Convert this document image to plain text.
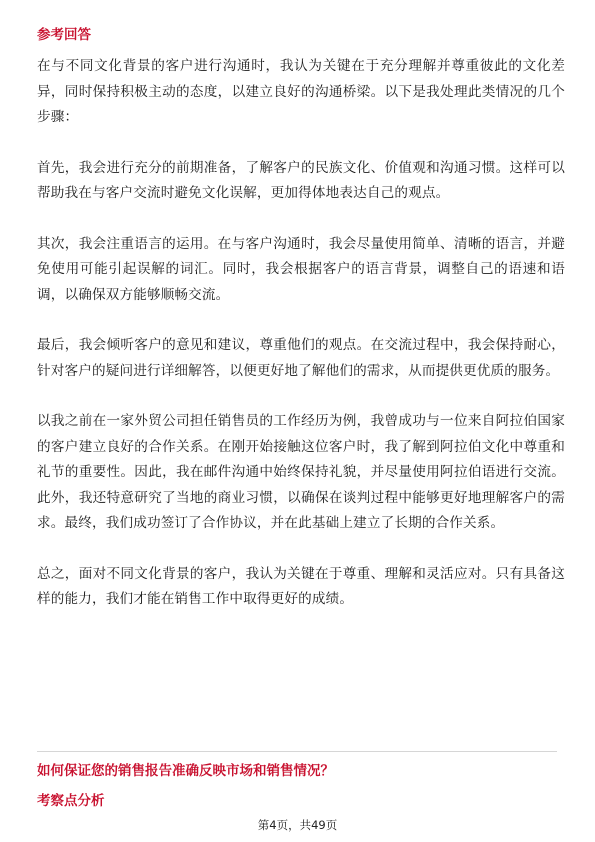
参考回答

在与不同文化背景的客户进行沟通时，我认为关键在于充分理解并尊重彼此的文化差异，同时保持积极主动的态度，以建立良好的沟通桥梁。以下是我处理此类情况的几个步骤：

首先，我会进行充分的前期准备，了解客户的民族文化、价值观和沟通习惯。这样可以帮助我在与客户交流时避免文化误解，更加得体地表达自己的观点。

其次，我会注重语言的运用。在与客户沟通时，我会尽量使用简单、清晰的语言，并避免使用可能引起误解的词汇。同时，我会根据客户的语言背景，调整自己的语速和语调，以确保双方能够顺畅交流。

最后，我会倾听客户的意见和建议，尊重他们的观点。在交流过程中，我会保持耐心，针对客户的疑问进行详细解答，以便更好地了解他们的需求，从而提供更优质的服务。

以我之前在一家外贸公司担任销售员的工作经历为例，我曾成功与一位来自阿拉伯国家的客户建立良好的合作关系。在刚开始接触这位客户时，我了解到阿拉伯文化中尊重和礼节的重要性。因此，我在邮件沟通中始终保持礼貌，并尽量使用阿拉伯语进行交流。此外，我还特意研究了当地的商业习惯，以确保在谈判过程中能够更好地理解客户的需求。最终，我们成功签订了合作协议，并在此基础上建立了长期的合作关系。

总之，面对不同文化背景的客户，我认为关键在于尊重、理解和灵活应对。只有具备这样的能力，我们才能在销售工作中取得更好的成绩。

如何保证您的销售报告准确反映市场和销售情况？

考察点分析

第4页，共49页
